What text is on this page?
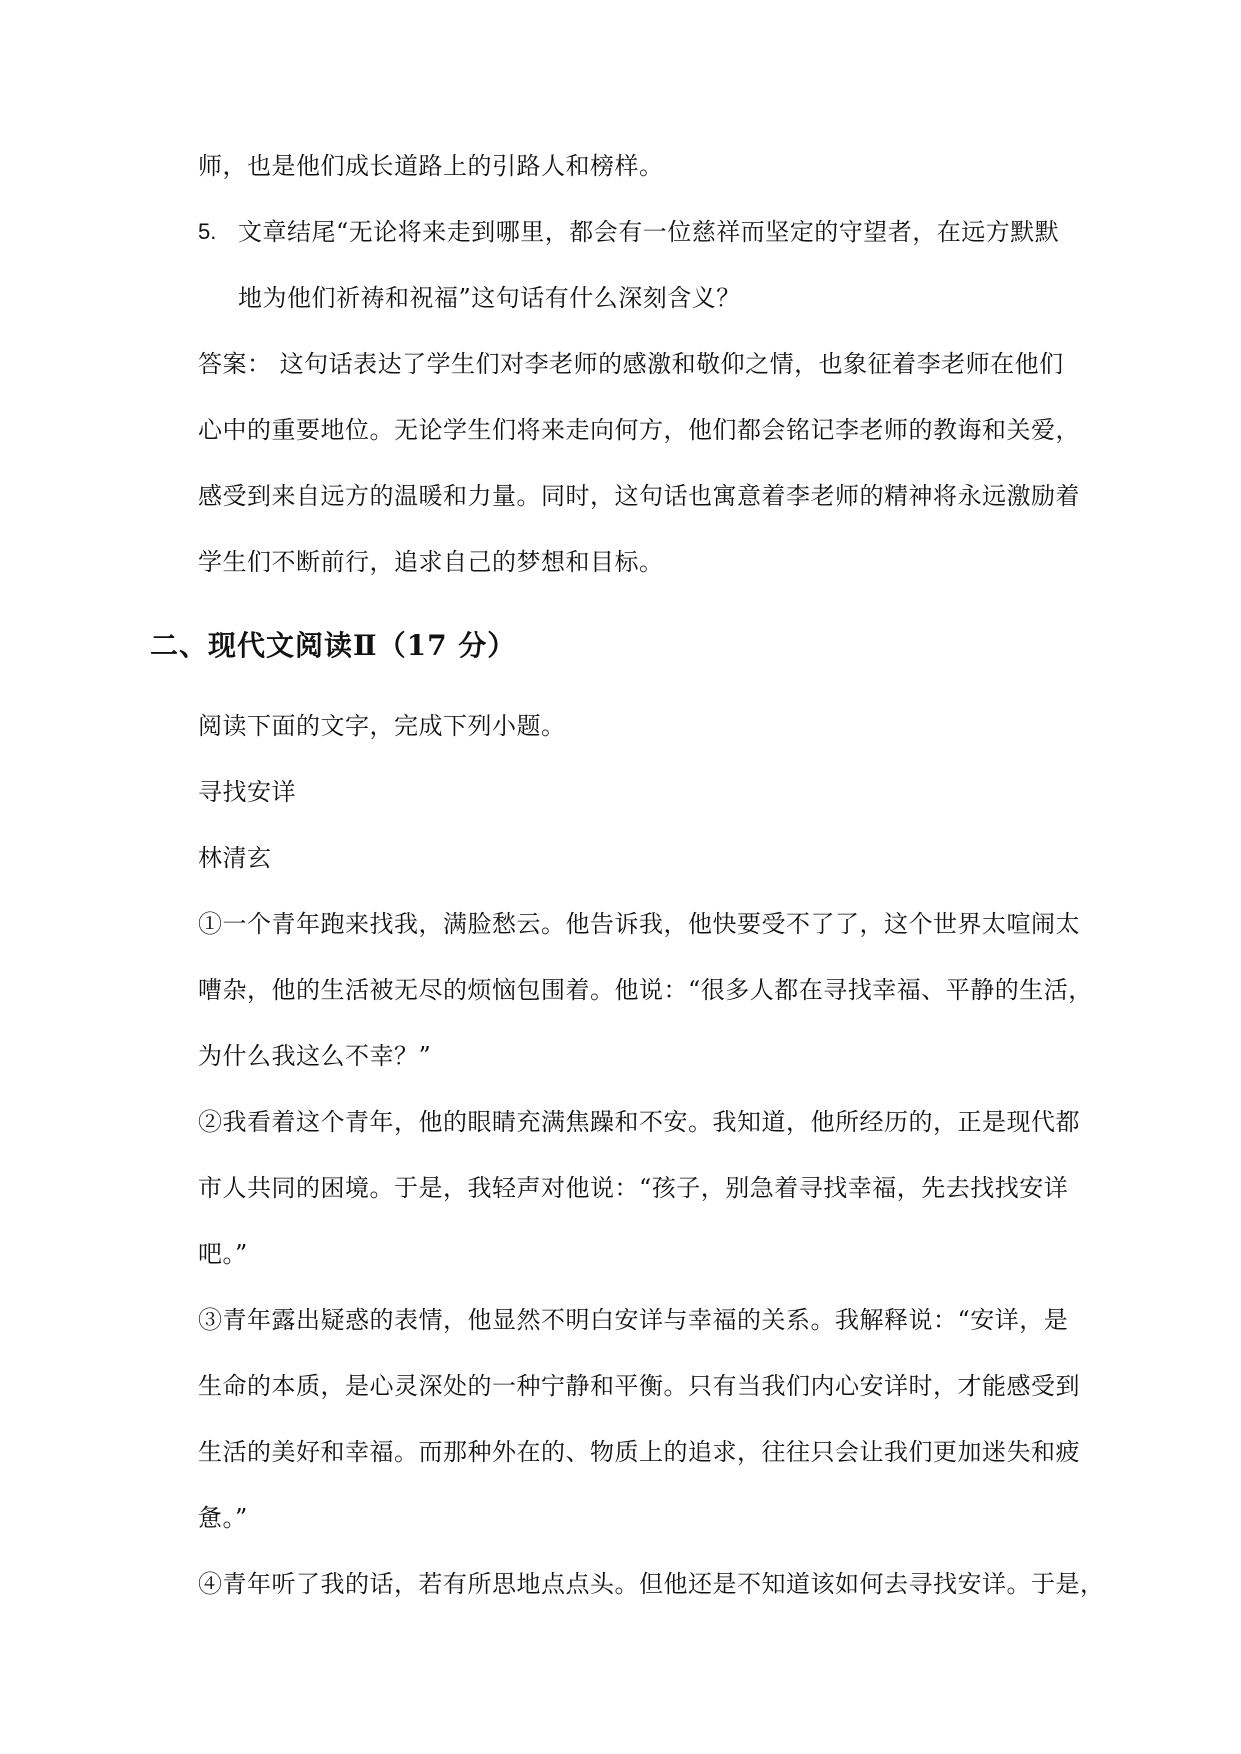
师，也是他们成长道路上的引路人和榜样。
5. 文章结尾“无论将来走到哪里，都会有一位慈祥而坚定的守望者，在远方默默
地为他们祈祷和祝福”这句话有什么深刻含义？
答案： 这句话表达了学生们对李老师的感激和敬仰之情，也象征着李老师在他们
心中的重要地位。无论学生们将来走向何方，他们都会铭记李老师的教诲和关爱，
感受到来自远方的温暖和力量。同时，这句话也寓意着李老师的精神将永远激励着
学生们不断前行，追求自己的梦想和目标。
二、现代文阅读Ⅱ（17 分）
阅读下面的文字，完成下列小题。
寻找安详
林清玄
①一个青年跑来找我，满脸愁云。他告诉我，他快要受不了了，这个世界太喧闹太
嘈杂，他的生活被无尽的烦恼包围着。他说：“很多人都在寻找幸福、平静的生活，
为什么我这么不幸？”
②我看着这个青年，他的眼睛充满焦躁和不安。我知道，他所经历的，正是现代都
市人共同的困境。于是，我轻声对他说：“孩子，别急着寻找幸福，先去找找安详
吧。”
③青年露出疑惑的表情，他显然不明白安详与幸福的关系。我解释说：“安详，是
生命的本质，是心灵深处的一种宁静和平衡。只有当我们内心安详时，才能感受到
生活的美好和幸福。而那种外在的、物质上的追求，往往只会让我们更加迷失和疲
惫。”
④青年听了我的话，若有所思地点点头。但他还是不知道该如何去寻找安详。于是，
